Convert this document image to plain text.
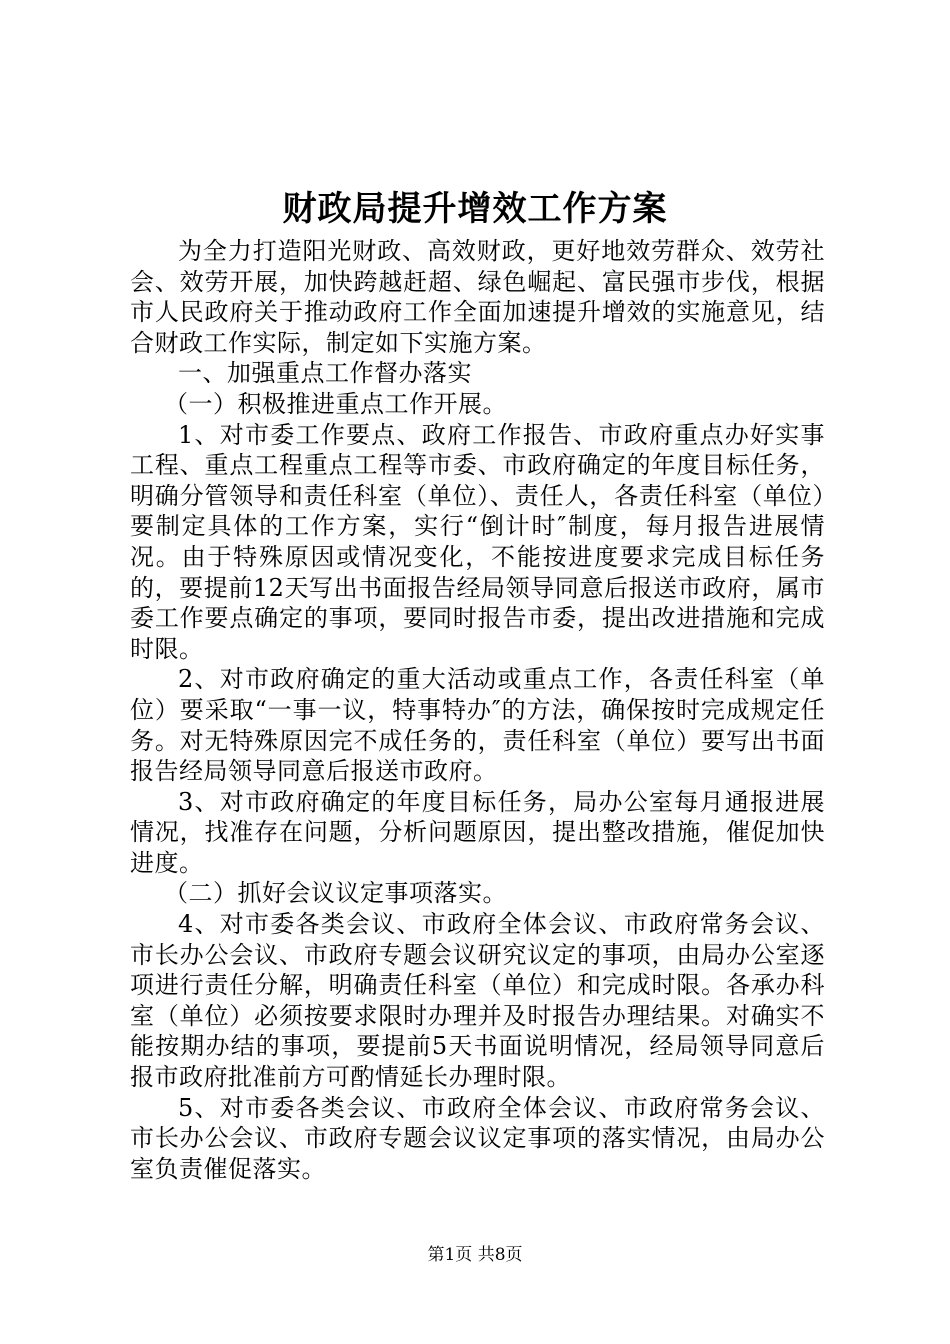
财政局提升增效工作方案

为全力打造阳光财政、高效财政，更好地效劳群众、效劳社会、效劳开展，加快跨越赶超、绿色崛起、富民强市步伐，根据市人民政府关于推动政府工作全面加速提升增效的实施意见，结合财政工作实际，制定如下实施方案。

一、加强重点工作督办落实

（一）积极推进重点工作开展。

1、对市委工作要点、政府工作报告、市政府重点办好实事工程、重点工程重点工程等市委、市政府确定的年度目标任务，明确分管领导和责任科室（单位）、责任人，各责任科室（单位）要制定具体的工作方案，实行“倒计时″制度，每月报告进展情况。由于特殊原因或情况变化，不能按进度要求完成目标任务的，要提前12天写出书面报告经局领导同意后报送市政府，属市委工作要点确定的事项，要同时报告市委，提出改进措施和完成时限。

2、对市政府确定的重大活动或重点工作，各责任科室（单位）要采取“一事一议，特事特办″的方法，确保按时完成规定任务。对无特殊原因完不成任务的，责任科室（单位）要写出书面报告经局领导同意后报送市政府。

3、对市政府确定的年度目标任务，局办公室每月通报进展情况，找准存在问题，分析问题原因，提出整改措施，催促加快进度。

（二）抓好会议议定事项落实。

4、对市委各类会议、市政府全体会议、市政府常务会议、市长办公会议、市政府专题会议研究议定的事项，由局办公室逐项进行责任分解，明确责任科室（单位）和完成时限。各承办科室（单位）必须按要求限时办理并及时报告办理结果。对确实不能按期办结的事项，要提前5天书面说明情况，经局领导同意后报市政府批准前方可酌情延长办理时限。

5、对市委各类会议、市政府全体会议、市政府常务会议、市长办公会议、市政府专题会议议定事项的落实情况，由局办公室负责催促落实。

第1页 共8页
